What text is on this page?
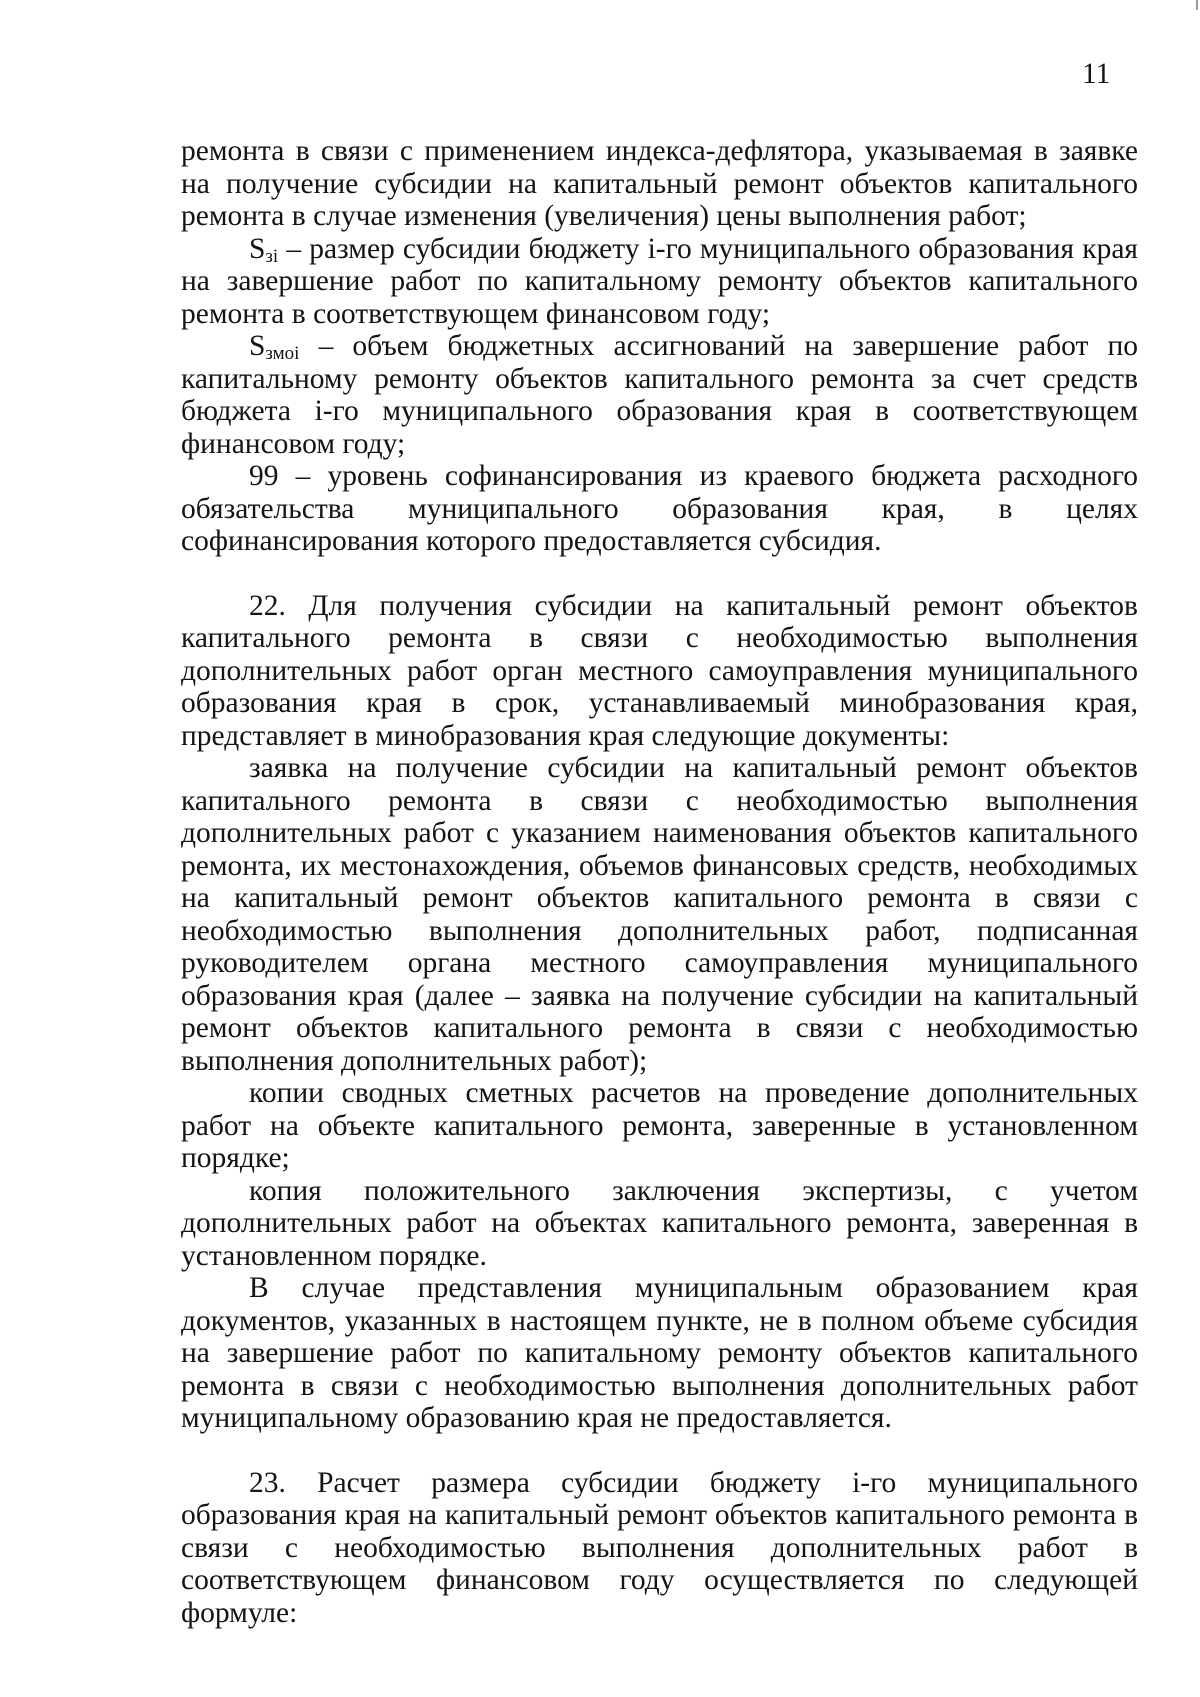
11

ремонта в связи с применением индекса-дефлятора, указываемая в заявке на получение субсидии на капитальный ремонт объектов капитального ремонта в случае изменения (увеличения) цены выполнения работ;

$S_{зi}$ – размер субсидии бюджету i-го муниципального образования края на завершение работ по капитальному ремонту объектов капитального ремонта в соответствующем финансовом году;

$S_{змоi}$ – объем бюджетных ассигнований на завершение работ по капитальному ремонту объектов капитального ремонта за счет средств бюджета i-го муниципального образования края в соответствующем финансовом году;

99 – уровень софинансирования из краевого бюджета расходного обязательства муниципального образования края, в целях софинансирования которого предоставляется субсидия.

22. Для получения субсидии на капитальный ремонт объектов капитального ремонта в связи с необходимостью выполнения дополнительных работ орган местного самоуправления муниципального образования края в срок, устанавливаемый минобразования края, представляет в минобразования края следующие документы:

заявка на получение субсидии на капитальный ремонт объектов капитального ремонта в связи с необходимостью выполнения дополнительных работ с указанием наименования объектов капитального ремонта, их местонахождения, объемов финансовых средств, необходимых на капитальный ремонт объектов капитального ремонта в связи с необходимостью выполнения дополнительных работ, подписанная руководителем органа местного самоуправления муниципального образования края (далее – заявка на получение субсидии на капитальный ремонт объектов капитального ремонта в связи с необходимостью выполнения дополнительных работ);

копии сводных сметных расчетов на проведение дополнительных работ на объекте капитального ремонта, заверенные в установленном порядке;

копия положительного заключения экспертизы, с учетом дополнительных работ на объектах капитального ремонта, заверенная в установленном порядке.

В случае представления муниципальным образованием края документов, указанных в настоящем пункте, не в полном объеме субсидия на завершение работ по капитальному ремонту объектов капитального ремонта в связи с необходимостью выполнения дополнительных работ муниципальному образованию края не предоставляется.

23. Расчет размера субсидии бюджету i-го муниципального образования края на капитальный ремонт объектов капитального ремонта в связи с необходимостью выполнения дополнительных работ в соответствующем финансовом году осуществляется по следующей формуле:
